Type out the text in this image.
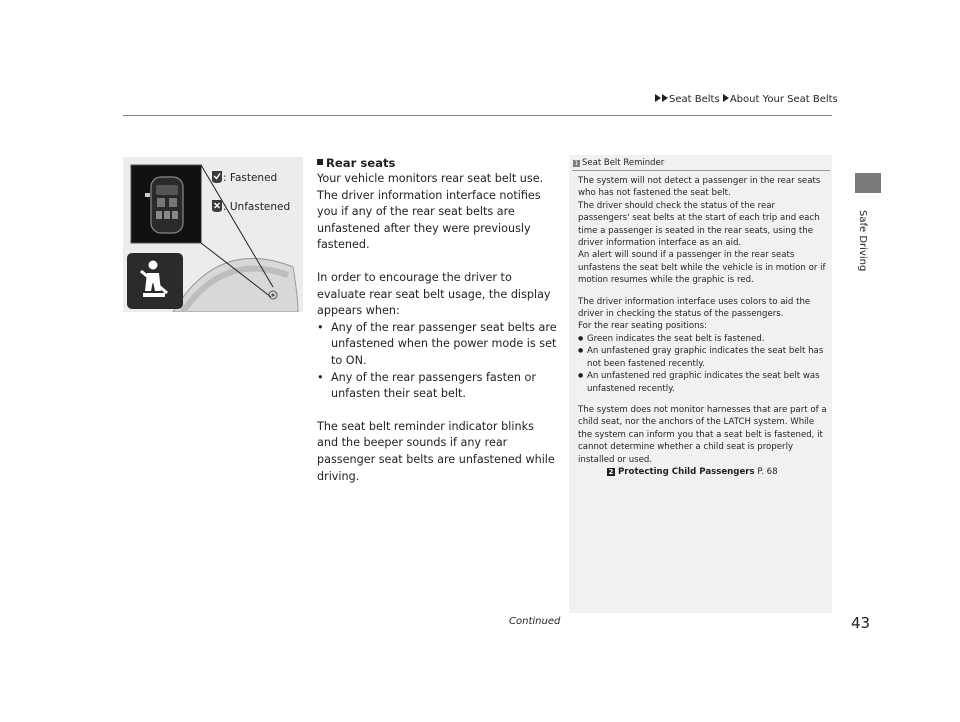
Seat Belts About Your Seat Belts
Safe Driving
: Fastened
: Unfastened
Rear seats

Your vehicle monitors rear seat belt use. The driver information interface notifies you if any of the rear seat belts are unfastened after they were previously fastened.

In order to encourage the driver to evaluate rear seat belt usage, the display appears when:

• Any of the rear passenger seat belts are unfastened when the power mode is set to ON.
• Any of the rear passengers fasten or unfasten their seat belt.

The seat belt reminder indicator blinks and the beeper sounds if any rear passenger seat belts are unfastened while driving.

1 Seat Belt Reminder

The system will not detect a passenger in the rear seats who has not fastened the seat belt.

The driver should check the status of the rear passengers' seat belts at the start of each trip and each time a passenger is seated in the rear seats, using the driver information interface as an aid.

An alert will sound if a passenger in the rear seats unfastens the seat belt while the vehicle is in motion or if motion resumes while the graphic is red.

The driver information interface uses colors to aid the driver in checking the status of the passengers.

For the rear seating positions:

● Green indicates the seat belt is fastened.
● An unfastened gray graphic indicates the seat belt has not been fastened recently.
● An unfastened red graphic indicates the seat belt was unfastened recently.

The system does not monitor harnesses that are part of a child seat, nor the anchors of the LATCH system. While the system can inform you that a seat belt is fastened, it cannot determine whether a child seat is properly installed or used.

2 Protecting Child Passengers P. 68
Continued	43
